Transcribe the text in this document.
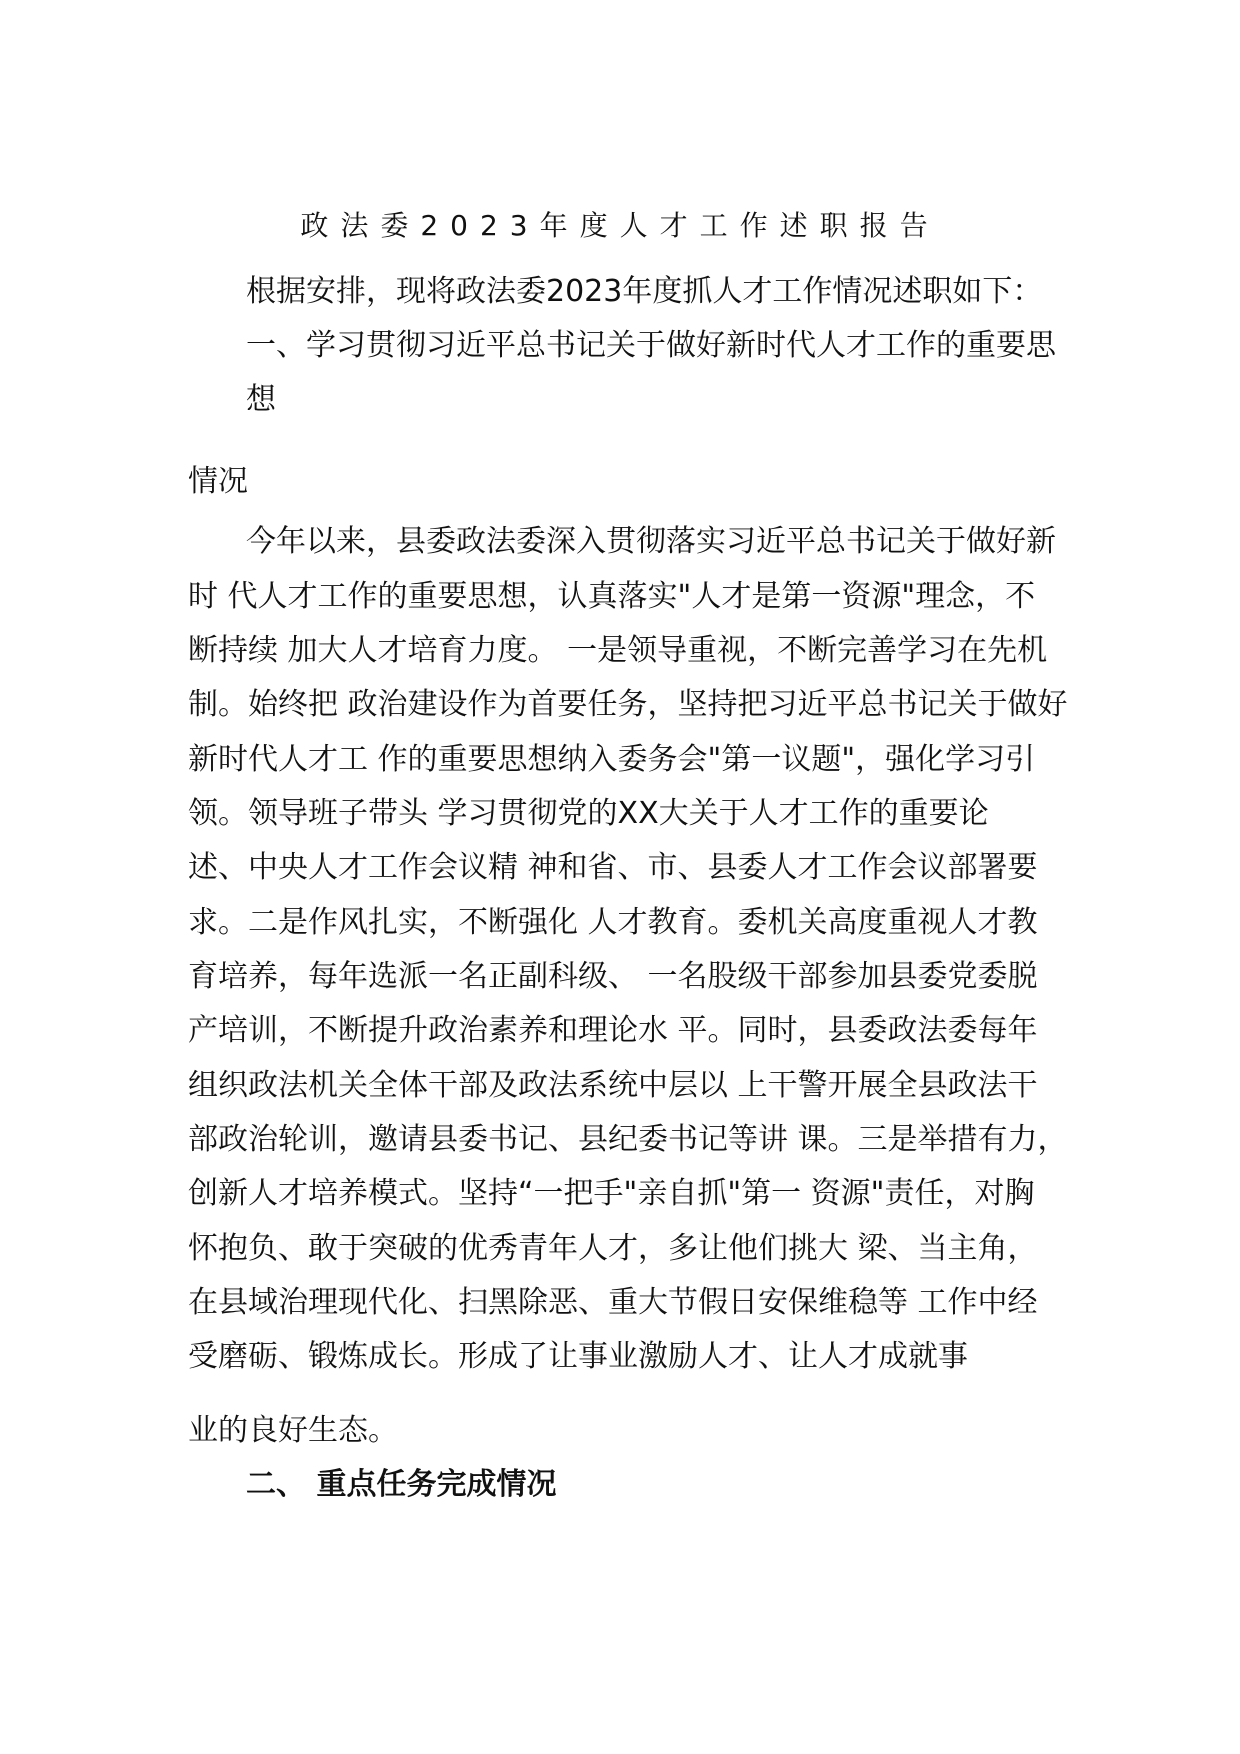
政法委2023年度人才工作述职报告
根据安排，现将政法委2023年度抓人才工作情况述职如下：
一、学习贯彻习近平总书记关于做好新时代人才工作的重要思
想
情况
今年以来，县委政法委深入贯彻落实习近平总书记关于做好新
时 代人才工作的重要思想，认真落实"人才是第一资源"理念，不
断持续 加大人才培育力度。 一是领导重视，不断完善学习在先机
制。始终把 政治建设作为首要任务，坚持把习近平总书记关于做好
新时代人才工 作的重要思想纳入委务会"第一议题"，强化学习引
领。领导班子带头 学习贯彻党的XX大关于人才工作的重要论
述、中央人才工作会议精 神和省、市、县委人才工作会议部署要
求。二是作风扎实，不断强化 人才教育。委机关高度重视人才教
育培养，每年选派一名正副科级、 一名股级干部参加县委党委脱
产培训，不断提升政治素养和理论水 平。同时，县委政法委每年
组织政法机关全体干部及政法系统中层以 上干警开展全县政法干
部政治轮训，邀请县委书记、县纪委书记等讲 课。三是举措有力，
创新人才培养模式。坚持“一把手"亲自抓"第一 资源"责任，对胸
怀抱负、敢于突破的优秀青年人才，多让他们挑大 梁、当主角，
在县域治理现代化、扫黑除恶、重大节假日安保维稳等 工作中经
受磨砺、锻炼成长。形成了让事业激励人才、让人才成就事
业的良好生态。
二、 重点任务完成情况
